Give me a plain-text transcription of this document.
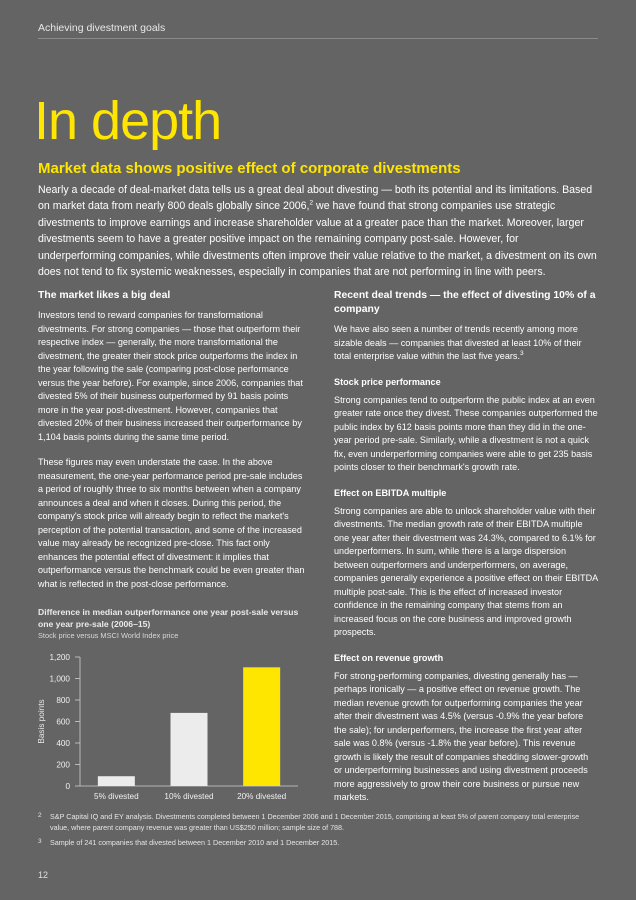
Achieving divestment goals
In depth
Market data shows positive effect of corporate divestments
Nearly a decade of deal-market data tells us a great deal about divesting — both its potential and its limitations. Based on market data from nearly 800 deals globally since 2006,$^2$ we have found that strong companies use strategic divestments to improve earnings and increase shareholder value at a greater pace than the market. Moreover, larger divestments seem to have a greater positive impact on the remaining company post-sale. However, for underperforming companies, while divestments often improve their value relative to the market, a divestment on its own does not tend to fix systemic weaknesses, especially in companies that are not performing in line with peers.
The market likes a big deal

Investors tend to reward companies for transformational divestments. For strong companies — those that outperform their respective index — generally, the more transformational the divestment, the greater their stock price outperforms the index in the year following the sale (comparing post-close performance versus the year before). For example, since 2006, companies that divested 5% of their business outperformed by 91 basis points more in the year post-divestment. However, companies that divested 20% of their business increased their outperformance by 1,104 basis points during the same time period.

These figures may even understate the case. In the above measurement, the one-year performance period pre-sale includes a period of roughly three to six months between when a company announces a deal and when it closes. During this period, the company's stock price will already begin to reflect the market's perception of the potential transaction, and some of the increased value may already be recognized pre-close. This fact only enhances the potential effect of divestment: it implies that outperformance versus the benchmark could be even greater than what is reflected in the post-close performance.

Difference in median outperformance one year post-sale versus one year pre-sale (2006–15)
Stock price versus MSCI World Index price
Basis points
0
200
400
600
800
1,000
1,200
5% divested	10% divested	20% divested
Recent deal trends — the effect of divesting 10% of a company

We have also seen a number of trends recently among more sizable deals — companies that divested at least 10% of their total enterprise value within the last five years.$^3$

Stock price performance

Strong companies tend to outperform the public index at an even greater rate once they divest. These companies outperformed the public index by 612 basis points more than they did in the one-year period pre-sale. Similarly, while a divestment is not a quick fix, even underperforming companies were able to get 235 basis points closer to their benchmark's growth rate.

Effect on EBITDA multiple

Strong companies are able to unlock shareholder value with their divestments. The median growth rate of their EBITDA multiple one year after their divestment was 24.3%, compared to 6.1% for underperformers. In sum, while there is a large dispersion between outperformers and underperformers, on average, companies generally experience a positive effect on their EBITDA multiple post-sale. This is the effect of increased investor confidence in the remaining company that stems from an increased focus on the core business and improved growth prospects.

Effect on revenue growth

For strong-performing companies, divesting generally has — perhaps ironically — a positive effect on revenue growth. The median revenue growth for outperforming companies the year after their divestment was 4.5% (versus -0.9% the year before the sale); for underperformers, the increase the first year after sale was 0.8% (versus -1.8% the year before). This revenue growth is likely the result of companies shedding slower-growth or underperforming businesses and using divestment proceeds more aggressively to grow their core business or pursue new markets.

2 S&P Capital IQ and EY analysis. Divestments completed between 1 December 2006 and 1 December 2015, comprising at least 5% of parent company total enterprise value, where parent company revenue was greater than US$250 million; sample size of 788.
3 Sample of 241 companies that divested between 1 December 2010 and 1 December 2015.
12
